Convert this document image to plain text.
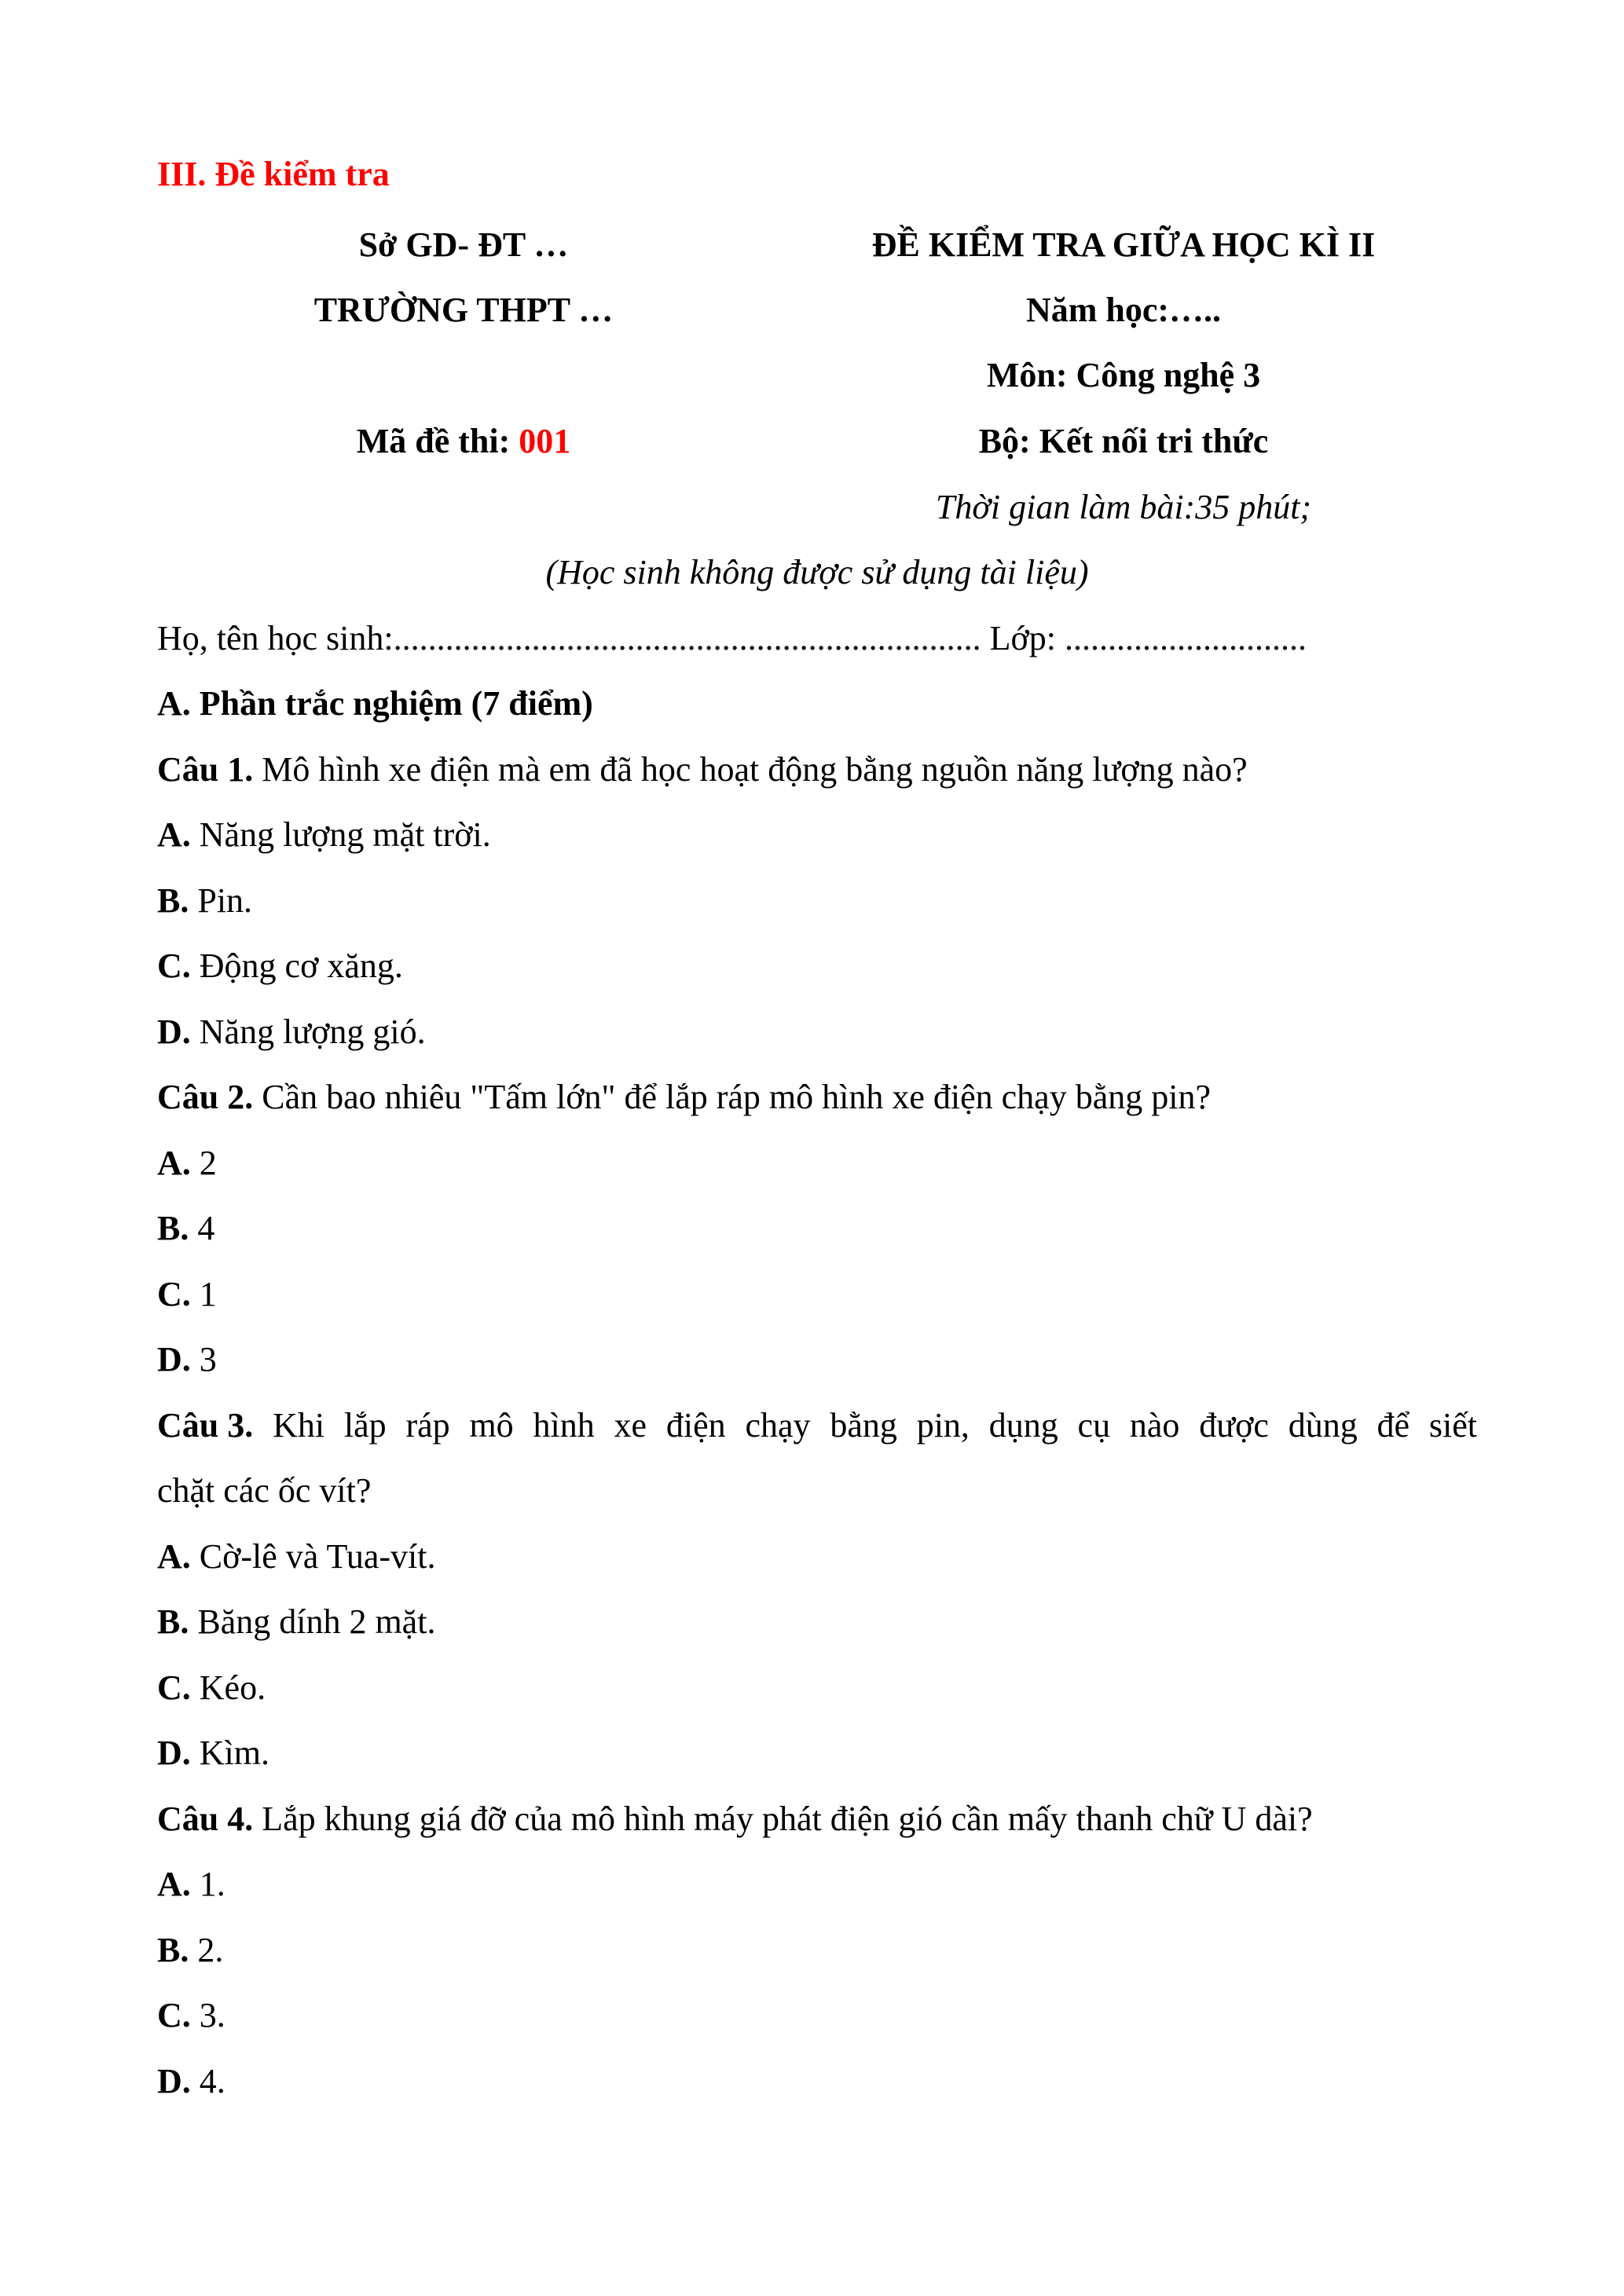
III. Đề kiểm tra
Sở GD- ĐT …
TRƯỜNG THPT …
Mã đề thi: 001
ĐỀ KIỂM TRA GIỮA HỌC KÌ II
Năm học:…..
Môn: Công nghệ 3
Bộ: Kết nối tri thức
Thời gian làm bài:35 phút;
(Học sinh không được sử dụng tài liệu)
Họ, tên học sinh:.................................................................... Lớp: ............................
A. Phần trắc nghiệm (7 điểm)
Câu 1. Mô hình xe điện mà em đã học hoạt động bằng nguồn năng lượng nào?
A. Năng lượng mặt trời.
B. Pin.
C. Động cơ xăng.
D. Năng lượng gió.
Câu 2. Cần bao nhiêu "Tấm lớn" để lắp ráp mô hình xe điện chạy bằng pin?
A. 2
B. 4
C. 1
D. 3
Câu 3. Khi lắp ráp mô hình xe điện chạy bằng pin, dụng cụ nào được dùng để siết
chặt các ốc vít?
A. Cờ-lê và Tua-vít.
B. Băng dính 2 mặt.
C. Kéo.
D. Kìm.
Câu 4. Lắp khung giá đỡ của mô hình máy phát điện gió cần mấy thanh chữ U dài?
A. 1.
B. 2.
C. 3.
D. 4.
